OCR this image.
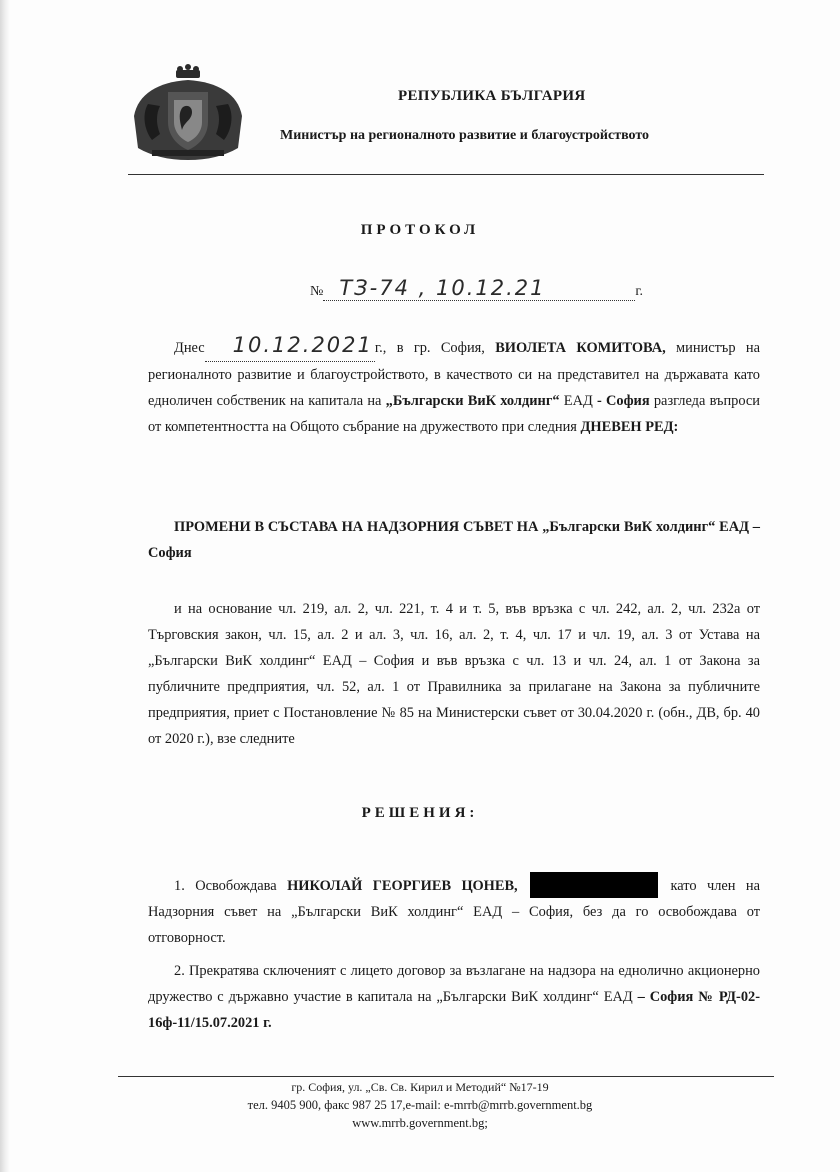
РЕПУБЛИКА БЪЛГАРИЯ
Министър на регионалното развитие и благоустройството
ПРОТОКОЛ
№ ТЗ-74 , 10.12.21	г.
Днес 10.12.2021 г., в гр. София, ВИОЛЕТА КОМИТОВА, министър на регионалното развитие и благоустройството, в качеството си на представител на държавата като едноличен собственик на капитала на „Български ВиК холдинг“ ЕАД - София разгледа въпроси от компетентността на Общото събрание на дружеството при следния ДНЕВЕН РЕД:
ПРОМЕНИ В СЪСТАВА НА НАДЗОРНИЯ СЪВЕТ НА „Български ВиК холдинг“ ЕАД – София
и на основание чл. 219, ал. 2, чл. 221, т. 4 и т. 5, във връзка с чл. 242, ал. 2, чл. 232а от Търговския закон, чл. 15, ал. 2 и ал. 3, чл. 16, ал. 2, т. 4, чл. 17 и чл. 19, ал. 3 от Устава на „Български ВиК холдинг“ ЕАД – София и във връзка с чл. 13 и чл. 24, ал. 1 от Закона за публичните предприятия, чл. 52, ал. 1 от Правилника за прилагане на Закона за публичните предприятия, приет с Постановление № 85 на Министерски съвет от 30.04.2020 г. (обн., ДВ, бр. 40 от 2020 г.), взе следните
РЕШЕНИЯ:
1. Освобождава НИКОЛАЙ ГЕОРГИЕВ ЦОНЕВ,	като член на Надзорния съвет на „Български ВиК холдинг“ ЕАД – София, без да го освобождава от отговорност.
2. Прекратява сключеният с лицето договор за възлагане на надзора на еднолично акционерно дружество с държавно участие в капитала на „Български ВиК холдинг“ ЕАД – София № РД-02-16ф-11/15.07.2021 г.
гр. София, ул. „Св. Св. Кирил и Методий“ №17-19
тел. 9405 900, факс 987 25 17,e-mail: e-mrrb@mrrb.government.bg
www.mrrb.government.bg;
